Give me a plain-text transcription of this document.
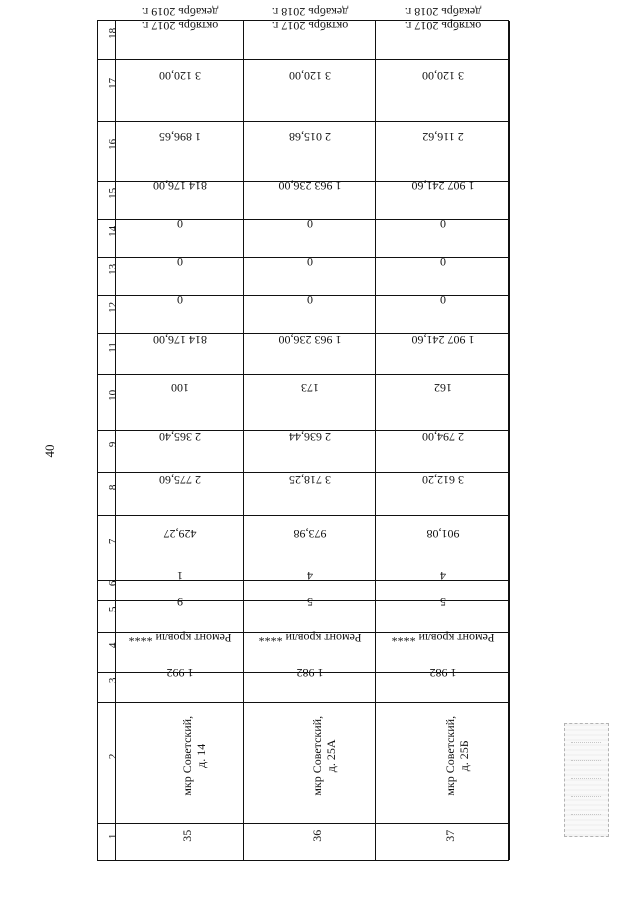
40
1
2
3
4
5
6
7
8
9
10
11
12
13
14
15
16
17
18
35
мкр Советский,
д. 14
1 992
Ремонт кровли ****
9
1
429,27
2 775,60
2 365,40
100
814 176,00
0
0
0
814 176,00
1 896,65
3 120,00
октябрь 2017 г.
декабрь 2019 г.
36
мкр Советский,
д. 25А
1 982
Ремонт кровли ****
5
4
973,98
3 718,25
2 636,44
173
1 963 236,00
0
0
0
1 963 236,00
2 015,68
3 120,00
октябрь 2017 г.
декабрь 2018 г.
37
мкр Советский,
д. 25Б
1 982
Ремонт кровли ****
5
4
901,08
3 612,20
2 794,00
162
1 907 241,60
0
0
0
1 907 241,60
2 116,62
3 120,00
октябрь 2017 г.
декабрь 2018 г.
